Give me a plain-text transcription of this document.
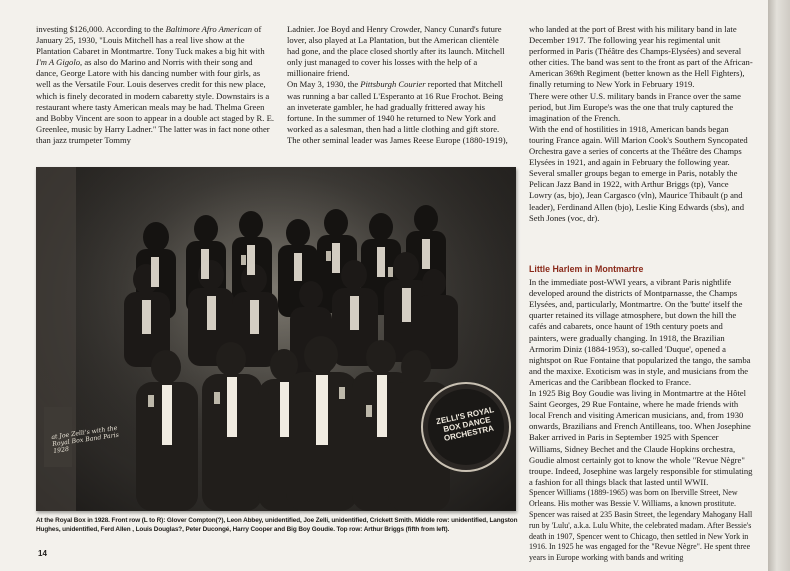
investing $126,000. According to the Baltimore Afro American of January 25, 1930, "Louis Mitchell has a real live show at the Plantation Cabaret in Montmartre. Tony Tuck makes a big hit with I'm A Gigolo, as also do Marino and Norris with their song and dance, George Latore with his dancing number with four girls, as well as the Versatile Four. Louis deserves credit for this new place, which is finely decorated in modern cabaretty style. Downstairs is a restaurant where tasty American meals may be had. Thelma Green and Bobby Vincent are soon to appear in a double act staged by R. E. Greenlee, music by Harry Ladner." The latter was in fact none other than jazz trumpeter Tommy

Ladnier. Joe Boyd and Henry Crowder, Nancy Cunard's future lover, also played at La Plantation, but the American clientèle had gone, and the place closed shortly after its launch. Mitchell only just managed to cover his losses with the help of a millionaire friend.

On May 3, 1930, the Pittsburgh Courier reported that Mitchell was running a bar called L'Esperanto at 16 Rue Frochot. Being an inveterate gambler, he had gradually frittered away his fortune. In the summer of 1940 he returned to New York and worked as a salesman, then had a little clothing and gift store.

The other seminal leader was James Reese Europe (1880-1919),

who landed at the port of Brest with his military band in late December 1917. The following year his regimental unit performed in Paris (Théâtre des Champs-Elysées) and several other cities. The band was sent to the front as part of the African-American 369th Regiment (better known as the Hell Fighters), finally returning to New York in February 1919.

There were other U.S. military bands in France over the same period, but Jim Europe's was the one that truly captured the imagination of the French.

With the end of hostilities in 1918, American bands began touring France again. Will Marion Cook's Southern Syncopated Orchestra gave a series of concerts at the Théâtre des Champs Elysées in 1921, and again in February the following year. Several smaller groups began to emerge in Paris, notably the Pelican Jazz Band in 1922, with Arthur Briggs (tp), Vance Lowry (as, bjo), Jean Cargasco (vln), Maurice Thibault (p and leader), Ferdinand Allen (bjo), Leslie King Edwards (sbs), and Seth Jones (voc, dr).

Little Harlem in Montmartre

In the immediate post-WWI years, a vibrant Paris nightlife developed around the districts of Montparnasse, the Champs Elysées, and, particularly, Montmartre. On the 'butte' itself the quarter retained its village atmosphere, but down the hill the cafés and cabarets, once haunt of 19th century poets and painters, were gradually changing. In 1918, the Brazilian Armorim Diniz (1884-1953), so-called 'Duque', opened a nightspot on Rue Fontaine that popularized the tango, the samba and the maxixe. Exoticism was in style, and musicians from the Americas and the Caribbean flocked to France.

In 1925 Big Boy Goudie was living in Montmartre at the Hôtel Saint Georges, 29 Rue Fontaine, where he made friends with local French and visiting American musicians, and, from 1930 onwards, Brazilians and French Antilleans, too. When Josephine Baker arrived in Paris in September 1925 with Spencer Williams, Sidney Bechet and the Claude Hopkins orchestra, Goudie almost certainly got to know the whole "Revue Nègre" troupe. Indeed, Josephine was largely responsible for stimulating a fashion for all things black that lasted until WWII.

Spencer Williams (1889-1965) was born on Iberville Street, New Orleans. His mother was Bessie V. Williams, a known prostitute. Spencer was raised at 235 Basin Street, the legendary Mahogany Hall run by 'Lulu', a.k.a. Lulu White, the celebrated madam. After Bessie's death in 1907, Spencer went to Chicago, then settled in New York in 1916. In 1925 he was engaged for the "Revue Nègre". He spent three years in Europe working with bands and writing

ZELLI'S ROYAL BOX DANCE ORCHESTRA
at Joe Zelli's with the Royal Box Band Paris 1928
At the Royal Box in 1928. Front row (L to R): Glover Compton(?), Leon Abbey, unidentified, Joe Zelli, unidentified, Crickett Smith. Middle row: unidentified, Langston Hughes, unidentified, Ferd Allen , Louis Douglas?, Peter Ducongé, Harry Cooper and Big Boy Goudie. Top row: Arthur Briggs (fifth from left).
14
